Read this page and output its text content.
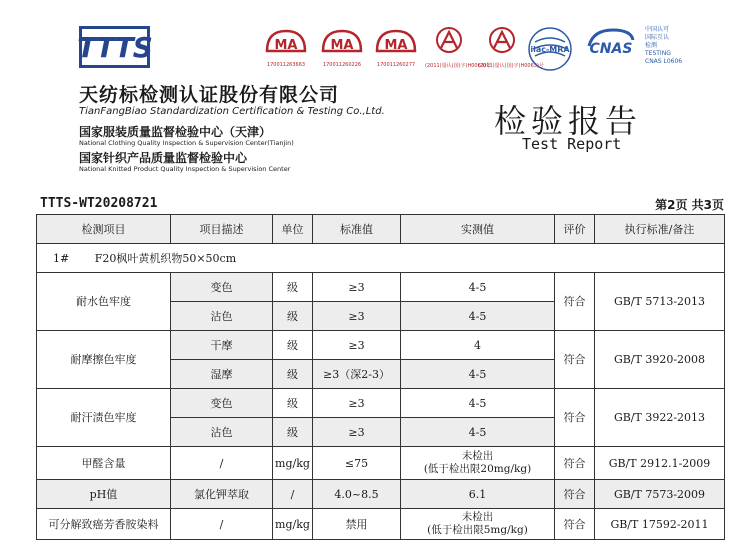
TTTS	MA
170011263663
MA
170011260226
MA
170011260277	(2011)量认(国)字(H0063)号
(2011)量认(国)字(H0063)号
ilac-MRA CNAS
中国认可
国际互认
检测
TESTING
CNAS L0606
天纺标检测认证股份有限公司
TianFangBiao Standardization Certification & Testing Co.,Ltd.
国家服装质量监督检验中心（天津）
National Clothing Quality Inspection & Supervision Center(Tianjin)
国家针织产品质量监督检验中心
National Knitted Product Quality Inspection & Supervision Center
检验报告
Test Report
TTTS-WT20208721	第2页 共3页
检测项目	项目描述	单位	标准值	实测值	评价	执行标准/备注
1# F20枫叶黄机织物50×50cm						
耐水色牢度	变色	级	≥3	4-5	符合	GB/T 5713-2013
	沾色	级	≥3	4-5		
耐摩擦色牢度	干摩	级	≥3	4	符合	GB/T 3920-2008
	湿摩	级	≥3（深2-3）	4-5		
耐汗渍色牢度	变色	级	≥3	4-5	符合	GB/T 3922-2013
	沾色	级	≥3	4-5		
甲醛含量	/	mg/kg	≤75	未检出
(低于检出限20mg/kg)	符合	GB/T 2912.1-2009
pH值	氯化钾萃取	/	4.0~8.5	6.1	符合	GB/T 7573-2009
可分解致癌芳香胺染料	/	mg/kg	禁用	未检出
(低于检出限5mg/kg)	符合	GB/T 17592-2011
